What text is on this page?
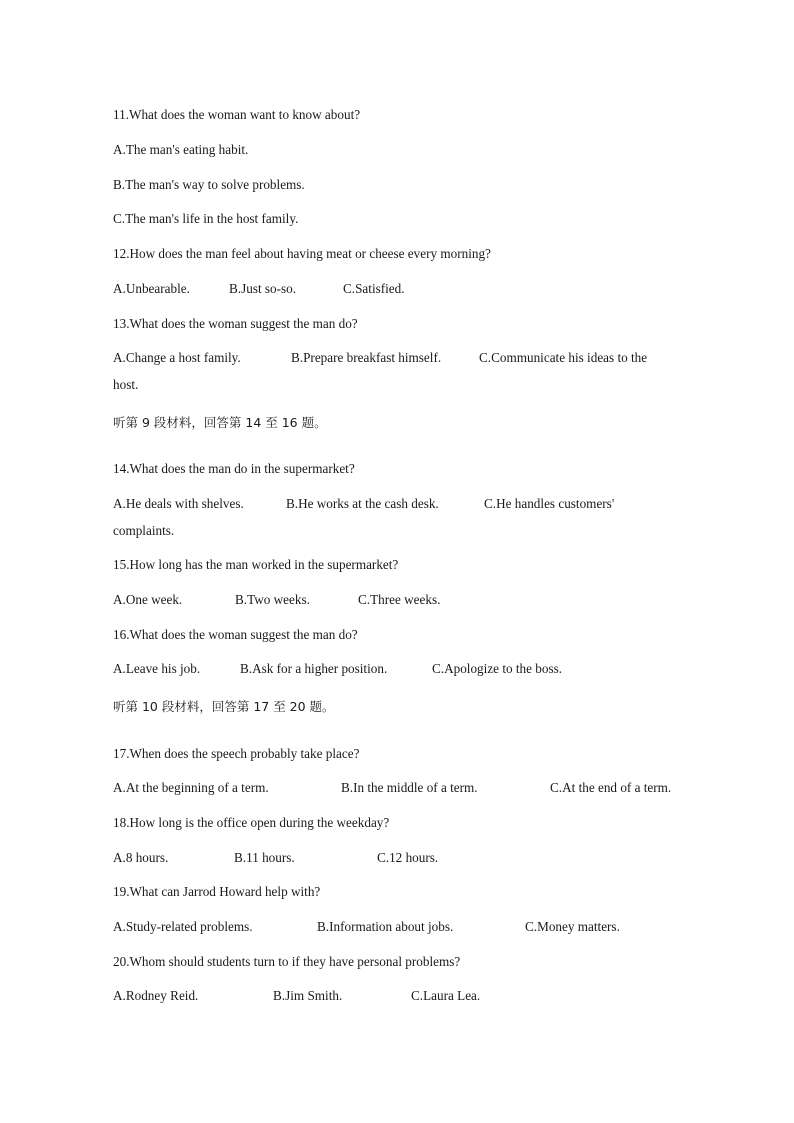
11.What does the woman want to know about?
A.The man's eating habit.
B.The man's way to solve problems.
C.The man's life in the host family.
12.How does the man feel about having meat or cheese every morning?
A.Unbearable.	B.Just so-so.	C.Satisfied.
13.What does the woman suggest the man do?
A.Change a host family.	B.Prepare breakfast himself.	C.Communicate his ideas to the
host.
听第 9 段材料，回答第 14 至 16 题。
14.What does the man do in the supermarket?
A.He deals with shelves.	B.He works at the cash desk.	C.He handles customers'
complaints.
15.How long has the man worked in the supermarket?
A.One week.	B.Two weeks.	C.Three weeks.
16.What does the woman suggest the man do?
A.Leave his job.	B.Ask for a higher position.	C.Apologize to the boss.
听第 10 段材料，回答第 17 至 20 题。
17.When does the speech probably take place?
A.At the beginning of a term.	B.In the middle of a term.	C.At the end of a term.
18.How long is the office open during the weekday?
A.8 hours.	B.11 hours.	C.12 hours.
19.What can Jarrod Howard help with?
A.Study-related problems.	B.Information about jobs.	C.Money matters.
20.Whom should students turn to if they have personal problems?
A.Rodney Reid.	B.Jim Smith.	C.Laura Lea.
